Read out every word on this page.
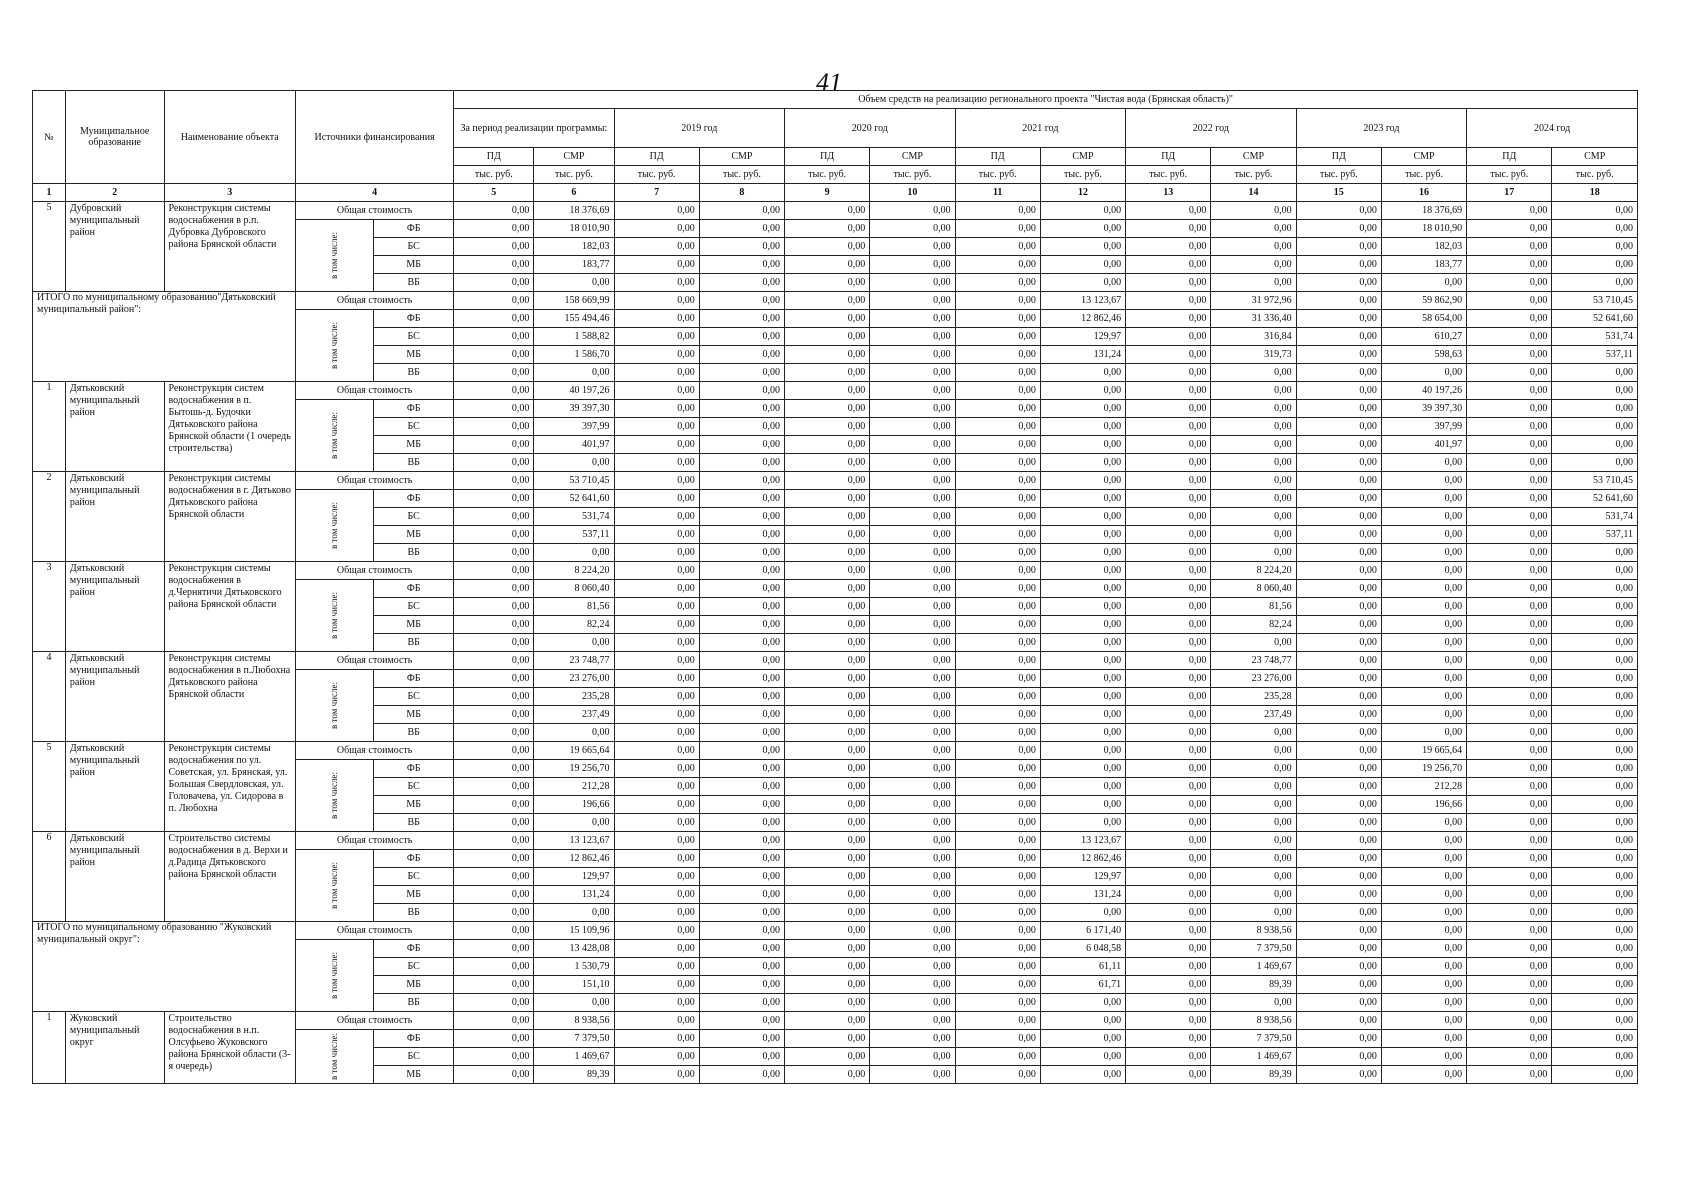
41
№	Муниципальное образование	Наименование объекта	Источники финансирования		Объем средств на реализацию регионального проекта "Чистая вода (Брянская область)"													
					За период реализации программы:		2019 год		2020 год		2021 год		2022 год		2023 год		2024 год	
					ПД	СМР	ПД	СМР	ПД	СМР	ПД	СМР	ПД	СМР	ПД	СМР	ПД	СМР
					тыс. руб.	тыс. руб.	тыс. руб.	тыс. руб.	тыс. руб.	тыс. руб.	тыс. руб.	тыс. руб.	тыс. руб.	тыс. руб.	тыс. руб.	тыс. руб.	тыс. руб.	тыс. руб.
1	2	3	4		5	6	7	8	9	10	11	12	13	14	15	16	17	18
5	Дубровский муниципальный район	Реконструкция системы водоснабжения в р.п. Дубровка Дубровского района Брянской области	Общая стоимость		0,00	18 376,69	0,00	0,00	0,00	0,00	0,00	0,00	0,00	0,00	0,00	18 376,69	0,00	0,00
			в том числе:	ФБ	0,00	18 010,90	0,00	0,00	0,00	0,00	0,00	0,00	0,00	0,00	0,00	18 010,90	0,00	0,00
				БС	0,00	182,03	0,00	0,00	0,00	0,00	0,00	0,00	0,00	0,00	0,00	182,03	0,00	0,00
				МБ	0,00	183,77	0,00	0,00	0,00	0,00	0,00	0,00	0,00	0,00	0,00	183,77	0,00	0,00
				ВБ	0,00	0,00	0,00	0,00	0,00	0,00	0,00	0,00	0,00	0,00	0,00	0,00	0,00	0,00
ИТОГО по муниципальному образованию"Дятьковский муниципальный район":			Общая стоимость		0,00	158 669,99	0,00	0,00	0,00	0,00	0,00	13 123,67	0,00	31 972,96	0,00	59 862,90	0,00	53 710,45
			в том числе:	ФБ	0,00	155 494,46	0,00	0,00	0,00	0,00	0,00	12 862,46	0,00	31 336,40	0,00	58 654,00	0,00	52 641,60
				БС	0,00	1 588,82	0,00	0,00	0,00	0,00	0,00	129,97	0,00	316,84	0,00	610,27	0,00	531,74
				МБ	0,00	1 586,70	0,00	0,00	0,00	0,00	0,00	131,24	0,00	319,73	0,00	598,63	0,00	537,11
				ВБ	0,00	0,00	0,00	0,00	0,00	0,00	0,00	0,00	0,00	0,00	0,00	0,00	0,00	0,00
1	Дятьковский муниципальный район	Реконструкция систем водоснабжения в п. Бытошь-д. Будочки Дятьковского района Брянской области (1 очередь строительства)	Общая стоимость		0,00	40 197,26	0,00	0,00	0,00	0,00	0,00	0,00	0,00	0,00	0,00	40 197,26	0,00	0,00
			в том числе:	ФБ	0,00	39 397,30	0,00	0,00	0,00	0,00	0,00	0,00	0,00	0,00	0,00	39 397,30	0,00	0,00
				БС	0,00	397,99	0,00	0,00	0,00	0,00	0,00	0,00	0,00	0,00	0,00	397,99	0,00	0,00
				МБ	0,00	401,97	0,00	0,00	0,00	0,00	0,00	0,00	0,00	0,00	0,00	401,97	0,00	0,00
				ВБ	0,00	0,00	0,00	0,00	0,00	0,00	0,00	0,00	0,00	0,00	0,00	0,00	0,00	0,00
2	Дятьковский муниципальный район	Реконструкция системы водоснабжения в г. Дятьково Дятьковского района Брянской области	Общая стоимость		0,00	53 710,45	0,00	0,00	0,00	0,00	0,00	0,00	0,00	0,00	0,00	0,00	0,00	53 710,45
			в том числе:	ФБ	0,00	52 641,60	0,00	0,00	0,00	0,00	0,00	0,00	0,00	0,00	0,00	0,00	0,00	52 641,60
				БС	0,00	531,74	0,00	0,00	0,00	0,00	0,00	0,00	0,00	0,00	0,00	0,00	0,00	531,74
				МБ	0,00	537,11	0,00	0,00	0,00	0,00	0,00	0,00	0,00	0,00	0,00	0,00	0,00	537,11
				ВБ	0,00	0,00	0,00	0,00	0,00	0,00	0,00	0,00	0,00	0,00	0,00	0,00	0,00	0,00
3	Дятьковский муниципальный район	Реконструкция системы водоснабжения в д.Чернятичи Дятьковского района Брянской области	Общая стоимость		0,00	8 224,20	0,00	0,00	0,00	0,00	0,00	0,00	0,00	8 224,20	0,00	0,00	0,00	0,00
			в том числе:	ФБ	0,00	8 060,40	0,00	0,00	0,00	0,00	0,00	0,00	0,00	8 060,40	0,00	0,00	0,00	0,00
				БС	0,00	81,56	0,00	0,00	0,00	0,00	0,00	0,00	0,00	81,56	0,00	0,00	0,00	0,00
				МБ	0,00	82,24	0,00	0,00	0,00	0,00	0,00	0,00	0,00	82,24	0,00	0,00	0,00	0,00
				ВБ	0,00	0,00	0,00	0,00	0,00	0,00	0,00	0,00	0,00	0,00	0,00	0,00	0,00	0,00
4	Дятьковский муниципальный район	Реконструкция системы водоснабжения в п.Любохна Дятьковского района Брянской области	Общая стоимость		0,00	23 748,77	0,00	0,00	0,00	0,00	0,00	0,00	0,00	23 748,77	0,00	0,00	0,00	0,00
			в том числе:	ФБ	0,00	23 276,00	0,00	0,00	0,00	0,00	0,00	0,00	0,00	23 276,00	0,00	0,00	0,00	0,00
				БС	0,00	235,28	0,00	0,00	0,00	0,00	0,00	0,00	0,00	235,28	0,00	0,00	0,00	0,00
				МБ	0,00	237,49	0,00	0,00	0,00	0,00	0,00	0,00	0,00	237,49	0,00	0,00	0,00	0,00
				ВБ	0,00	0,00	0,00	0,00	0,00	0,00	0,00	0,00	0,00	0,00	0,00	0,00	0,00	0,00
5	Дятьковский муниципальный район	Реконструкция системы водоснабжения по ул. Советская, ул. Брянская, ул. Большая Свердловская, ул. Головачева, ул. Сидорова в п. Любохна	Общая стоимость		0,00	19 665,64	0,00	0,00	0,00	0,00	0,00	0,00	0,00	0,00	0,00	19 665,64	0,00	0,00
			в том числе:	ФБ	0,00	19 256,70	0,00	0,00	0,00	0,00	0,00	0,00	0,00	0,00	0,00	19 256,70	0,00	0,00
				БС	0,00	212,28	0,00	0,00	0,00	0,00	0,00	0,00	0,00	0,00	0,00	212,28	0,00	0,00
				МБ	0,00	196,66	0,00	0,00	0,00	0,00	0,00	0,00	0,00	0,00	0,00	196,66	0,00	0,00
				ВБ	0,00	0,00	0,00	0,00	0,00	0,00	0,00	0,00	0,00	0,00	0,00	0,00	0,00	0,00
6	Дятьковский муниципальный район	Строительство системы водоснабжения в д. Верхи и д.Радица Дятьковского района Брянской области	Общая стоимость		0,00	13 123,67	0,00	0,00	0,00	0,00	0,00	13 123,67	0,00	0,00	0,00	0,00	0,00	0,00
			в том числе:	ФБ	0,00	12 862,46	0,00	0,00	0,00	0,00	0,00	12 862,46	0,00	0,00	0,00	0,00	0,00	0,00
				БС	0,00	129,97	0,00	0,00	0,00	0,00	0,00	129,97	0,00	0,00	0,00	0,00	0,00	0,00
				МБ	0,00	131,24	0,00	0,00	0,00	0,00	0,00	131,24	0,00	0,00	0,00	0,00	0,00	0,00
				ВБ	0,00	0,00	0,00	0,00	0,00	0,00	0,00	0,00	0,00	0,00	0,00	0,00	0,00	0,00
ИТОГО по муниципальному образованию "Жуковский муниципальный округ":			Общая стоимость		0,00	15 109,96	0,00	0,00	0,00	0,00	0,00	6 171,40	0,00	8 938,56	0,00	0,00	0,00	0,00
			в том числе:	ФБ	0,00	13 428,08	0,00	0,00	0,00	0,00	0,00	6 048,58	0,00	7 379,50	0,00	0,00	0,00	0,00
				БС	0,00	1 530,79	0,00	0,00	0,00	0,00	0,00	61,11	0,00	1 469,67	0,00	0,00	0,00	0,00
				МБ	0,00	151,10	0,00	0,00	0,00	0,00	0,00	61,71	0,00	89,39	0,00	0,00	0,00	0,00
				ВБ	0,00	0,00	0,00	0,00	0,00	0,00	0,00	0,00	0,00	0,00	0,00	0,00	0,00	0,00
1	Жуковский муниципальный округ	Строительство водоснабжения в н.п. Олсуфьево Жуковского района Брянской области (3-я очередь)	Общая стоимость		0,00	8 938,56	0,00	0,00	0,00	0,00	0,00	0,00	0,00	8 938,56	0,00	0,00	0,00	0,00
			в том числе:	ФБ	0,00	7 379,50	0,00	0,00	0,00	0,00	0,00	0,00	0,00	7 379,50	0,00	0,00	0,00	0,00
				БС	0,00	1 469,67	0,00	0,00	0,00	0,00	0,00	0,00	0,00	1 469,67	0,00	0,00	0,00	0,00
				МБ	0,00	89,39	0,00	0,00	0,00	0,00	0,00	0,00	0,00	89,39	0,00	0,00	0,00	0,00
